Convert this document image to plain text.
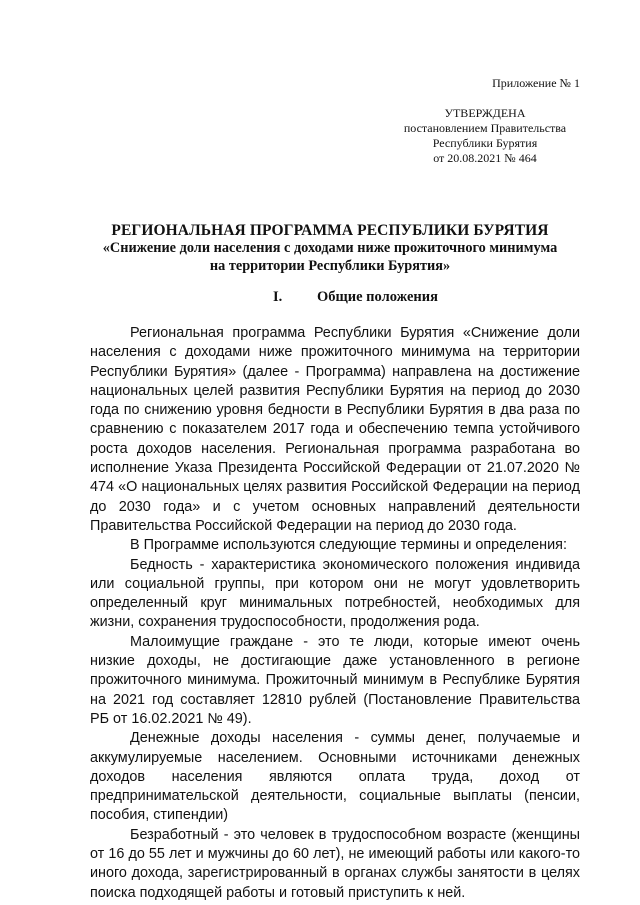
Приложение № 1
УТВЕРЖДЕНА
постановлением Правительства
Республики Бурятия
от 20.08.2021 № 464
РЕГИОНАЛЬНАЯ ПРОГРАММА РЕСПУБЛИКИ БУРЯТИЯ
«Снижение доли населения с доходами ниже прожиточного минимума
на территории Республики Бурятия»
I. Общие положения

Региональная программа Республики Бурятия «Снижение доли населения с доходами ниже прожиточного минимума на территории Республики Бурятия» (далее - Программа) направлена на достижение национальных целей развития Республики Бурятия на период до 2030 года по снижению уровня бедности в Республики Бурятия в два раза по сравнению с показателем 2017 года и обеспечению темпа устойчивого роста доходов населения. Региональная программа разработана во исполнение Указа Президента Российской Федерации от 21.07.2020 № 474 «О национальных целях развития Российской Федерации на период до 2030 года» и с учетом основных направлений деятельности Правительства Российской Федерации на период до 2030 года.

В Программе используются следующие термины и определения:

Бедность - характеристика экономического положения индивида или социальной группы, при котором они не могут удовлетворить определенный круг минимальных потребностей, необходимых для жизни, сохранения трудоспособности, продолжения рода.

Малоимущие граждане - это те люди, которые имеют очень низкие доходы, не достигающие даже установленного в регионе прожиточного минимума. Прожиточный минимум в Республике Бурятия на 2021 год составляет 12810 рублей (Постановление Правительства РБ от 16.02.2021 № 49).

Денежные доходы населения - суммы денег, получаемые и аккумулируемые населением. Основными источниками денежных доходов населения являются оплата труда, доход от предпринимательской деятельности, социальные выплаты (пенсии, пособия, стипендии)

Безработный - это человек в трудоспособном возрасте (женщины от 16 до 55 лет и мужчины до 60 лет), не имеющий работы или какого-то иного дохода, зарегистрированный в органах службы занятости в целях поиска подходящей работы и готовый приступить к ней.
